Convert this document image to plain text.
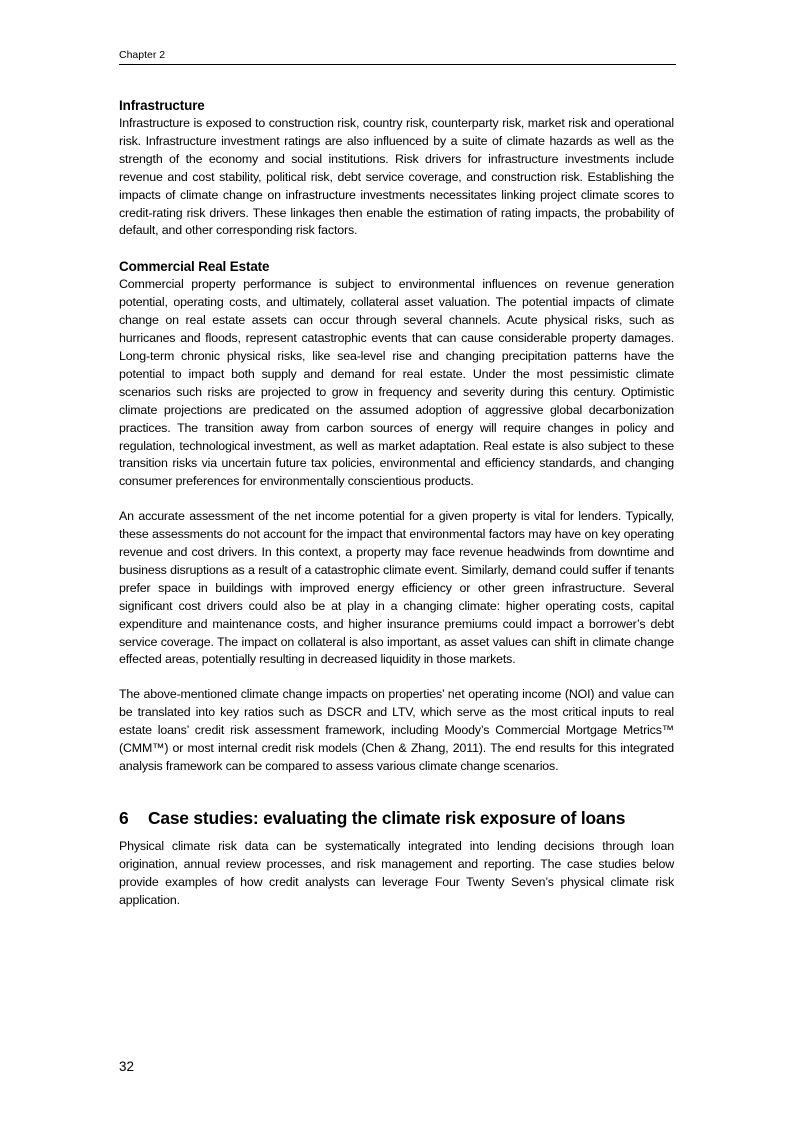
Chapter 2
Infrastructure

Infrastructure is exposed to construction risk, country risk, counterparty risk, market risk and operational risk. Infrastructure investment ratings are also influenced by a suite of climate hazards as well as the strength of the economy and social institutions. Risk drivers for infrastructure investments include revenue and cost stability, political risk, debt service coverage, and construction risk. Establishing the impacts of climate change on infrastructure investments necessitates linking project climate scores to credit-rating risk drivers. These linkages then enable the estimation of rating impacts, the probability of default, and other corresponding risk factors.

Commercial Real Estate

Commercial property performance is subject to environmental influences on revenue generation potential, operating costs, and ultimately, collateral asset valuation. The potential impacts of climate change on real estate assets can occur through several channels. Acute physical risks, such as hurricanes and floods, represent catastrophic events that can cause considerable property damages. Long-term chronic physical risks, like sea-level rise and changing precipitation patterns have the potential to impact both supply and demand for real estate. Under the most pessimistic climate scenarios such risks are projected to grow in frequency and severity during this century. Optimistic climate projections are predicated on the assumed adoption of aggressive global decarbonization practices. The transition away from carbon sources of energy will require changes in policy and regulation, technological investment, as well as market adaptation. Real estate is also subject to these transition risks via uncertain future tax policies, environmental and efficiency standards, and changing consumer preferences for environmentally conscientious products.

An accurate assessment of the net income potential for a given property is vital for lenders. Typically, these assessments do not account for the impact that environmental factors may have on key operating revenue and cost drivers. In this context, a property may face revenue headwinds from downtime and business disruptions as a result of a catastrophic climate event. Similarly, demand could suffer if tenants prefer space in buildings with improved energy efficiency or other green infrastructure. Several significant cost drivers could also be at play in a changing climate: higher operating costs, capital expenditure and maintenance costs, and higher insurance premiums could impact a borrower’s debt service coverage. The impact on collateral is also important, as asset values can shift in climate change effected areas, potentially resulting in decreased liquidity in those markets.

The above-mentioned climate change impacts on properties’ net operating income (NOI) and value can be translated into key ratios such as DSCR and LTV, which serve as the most critical inputs to real estate loans’ credit risk assessment framework, including Moody’s Commercial Mortgage Metrics™ (CMM™) or most internal credit risk models (Chen & Zhang, 2011). The end results for this integrated analysis framework can be compared to assess various climate change scenarios.

6 Case studies: evaluating the climate risk exposure of loans

Physical climate risk data can be systematically integrated into lending decisions through loan origination, annual review processes, and risk management and reporting. The case studies below provide examples of how credit analysts can leverage Four Twenty Seven’s physical climate risk application.

32
